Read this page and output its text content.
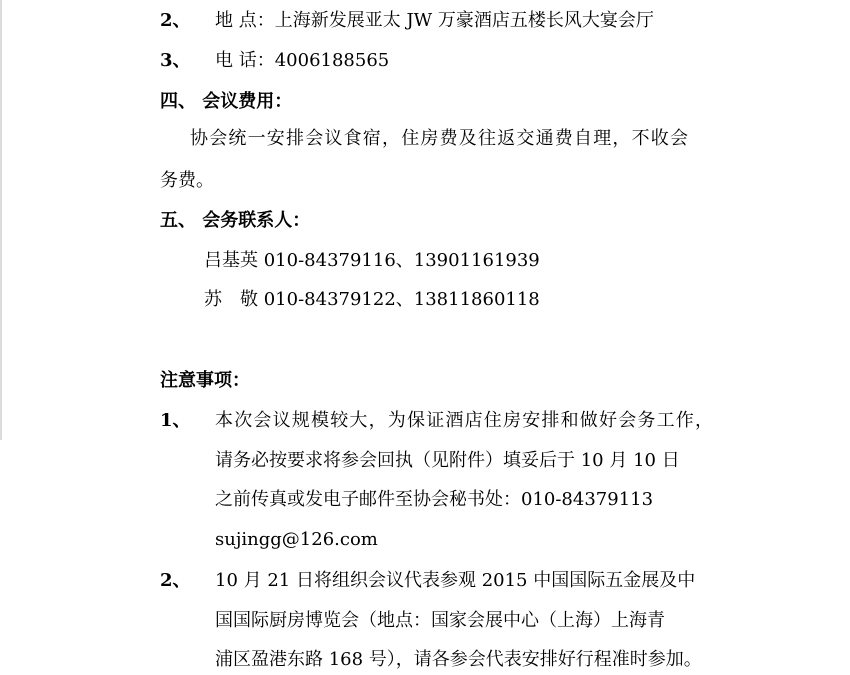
2、 地 点：上海新发展亚太 JW 万豪酒店五楼长风大宴会厅
3、 电 话：4006188565
四、 会议费用：
协会统一安排会议食宿，住房费及往返交通费自理，不收会
务费。
五、 会务联系人：
吕基英 010-84379116、13901161939
苏　敬 010-84379122、13811860118
注意事项：
1、 本次会议规模较大，为保证酒店住房安排和做好会务工作，
请务必按要求将参会回执（见附件）填妥后于 10 月 10 日
之前传真或发电子邮件至协会秘书处：010-84379113
sujingg@126.com
2、 10 月 21 日将组织会议代表参观 2015 中国国际五金展及中
国国际厨房博览会（地点：国家会展中心（上海）上海青
浦区盈港东路 168 号），请各参会代表安排好行程准时参加。
